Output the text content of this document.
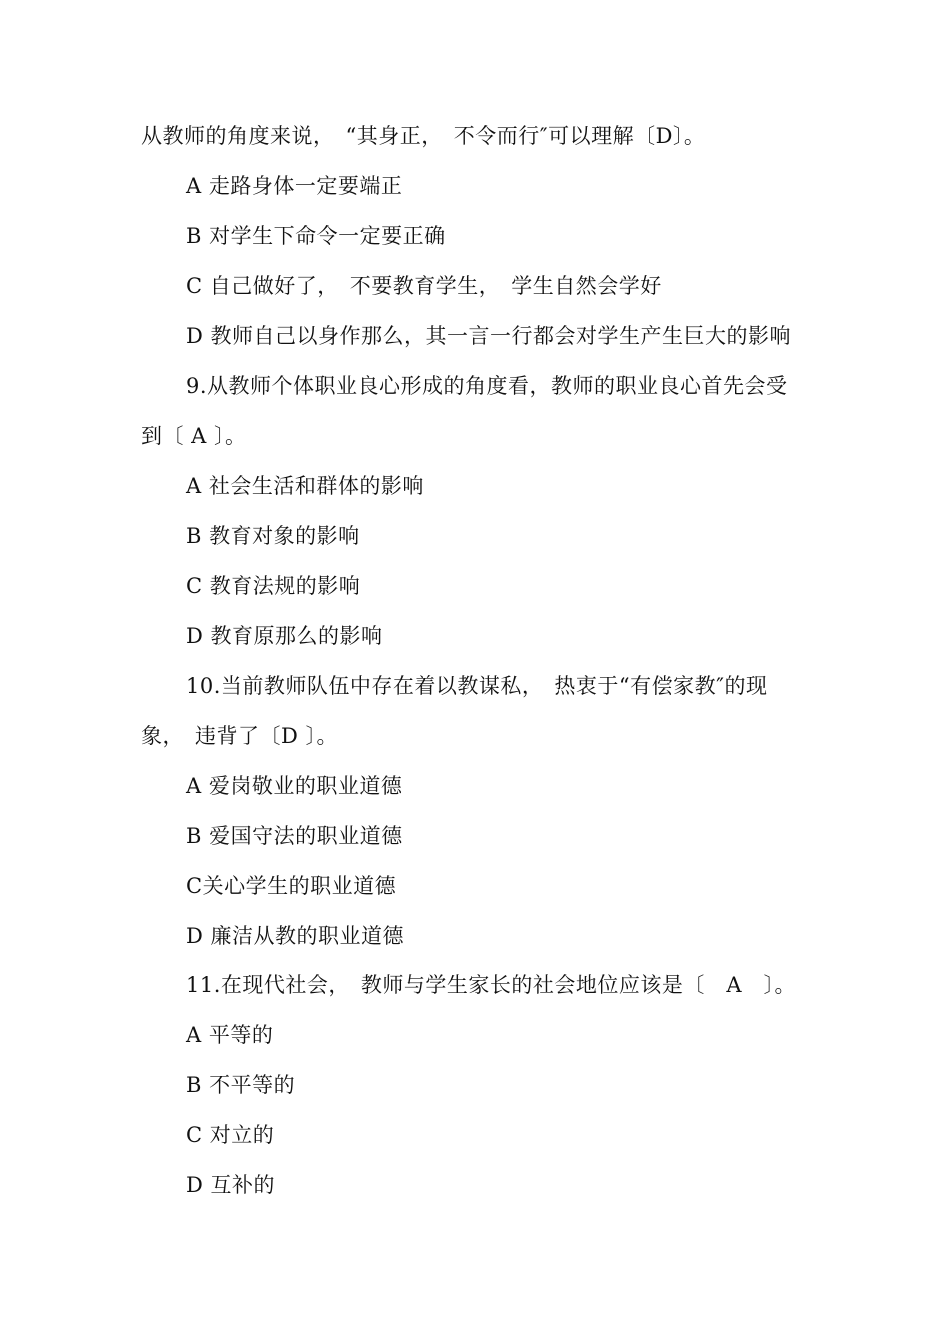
从教师的角度来说，　“其身正，　不令而行″可以理解〔D〕。
A 走路身体一定要端正
B 对学生下命令一定要正确
C 自己做好了，　不要教育学生，　学生自然会学好
D 教师自己以身作那么，其一言一行都会对学生产生巨大的影响
9.从教师个体职业良心形成的角度看，教师的职业良心首先会受
到〔 A 〕。
A 社会生活和群体的影响
B 教育对象的影响
C 教育法规的影响
D 教育原那么的影响
10.当前教师队伍中存在着以教谋私，　热衷于“有偿家教″的现
象，　违背了〔D 〕。
A 爱岗敬业的职业道德
B 爱国守法的职业道德
C关心学生的职业道德
D 廉洁从教的职业道德
11.在现代社会，　教师与学生家长的社会地位应该是〔　A　〕。
A 平等的
B 不平等的
C 对立的
D 互补的
